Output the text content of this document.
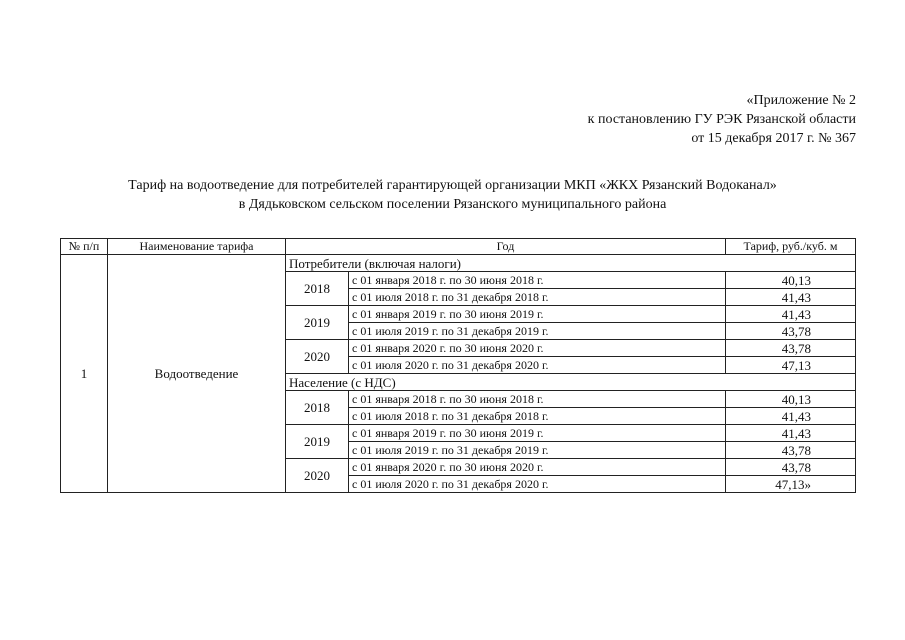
«Приложение № 2
к постановлению ГУ РЭК Рязанской области
от 15 декабря 2017 г. № 367
Тариф на водоотведение для потребителей гарантирующей организации МКП «ЖКХ Рязанский Водоканал»
в Дядьковском сельском поселении Рязанского муниципального района
№ п/п	Наименование тарифа	Год		Тариф, руб./куб. м
1	Водоотведение	Потребители (включая налоги)		
		2018	с 01 января 2018 г. по 30 июня 2018 г.	40,13
			с 01 июля 2018 г. по 31 декабря 2018 г.	41,43
		2019	с 01 января 2019 г. по 30 июня 2019 г.	41,43
			с 01 июля 2019 г. по 31 декабря 2019 г.	43,78
		2020	с 01 января 2020 г. по 30 июня 2020 г.	43,78
			с 01 июля 2020 г. по 31 декабря 2020 г.	47,13
		Население (с НДС)		
		2018	с 01 января 2018 г. по 30 июня 2018 г.	40,13
			с 01 июля 2018 г. по 31 декабря 2018 г.	41,43
		2019	с 01 января 2019 г. по 30 июня 2019 г.	41,43
			с 01 июля 2019 г. по 31 декабря 2019 г.	43,78
		2020	с 01 января 2020 г. по 30 июня 2020 г.	43,78
			с 01 июля 2020 г. по 31 декабря 2020 г.	47,13»
